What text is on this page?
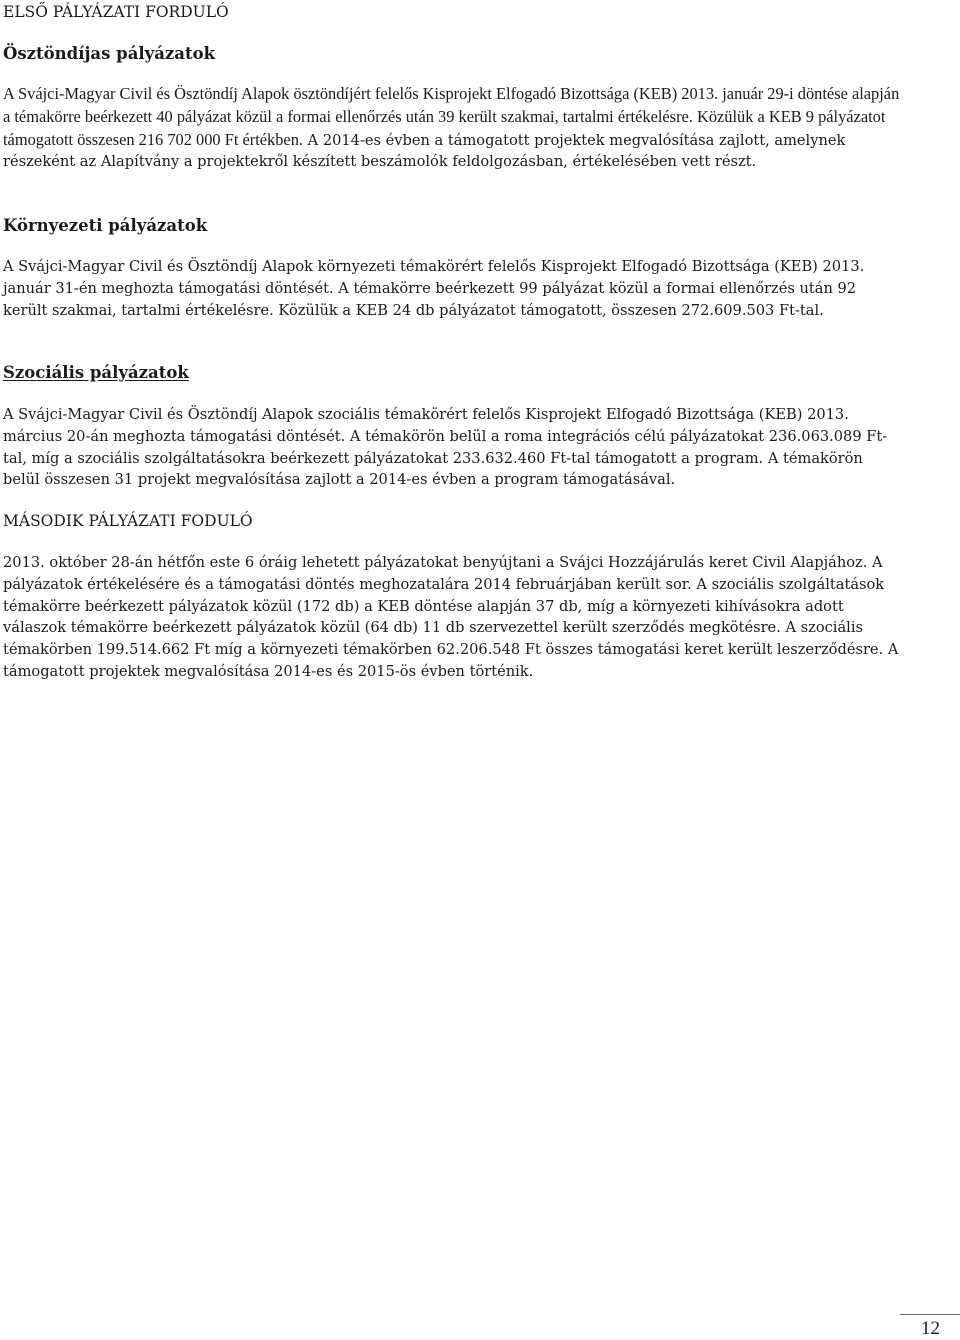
ELSŐ PÁLYÁZATI FORDULÓ
Ösztöndíjas pályázatok

A Svájci-Magyar Civil és Ösztöndíj Alapok ösztöndíjért felelős Kisprojekt Elfogadó Bizottsága (KEB) 2013. január 29-i döntése alapján a témakörre beérkezett 40 pályázat közül a formai ellenőrzés után 39 került szakmai, tartalmi értékelésre. Közülük a KEB 9 pályázatot támogatott összesen 216 702 000 Ft értékben. A 2014-es évben a támogatott projektek megvalósítása zajlott, amelynek részeként az Alapítvány a projektekről készített beszámolók feldolgozásban, értékelésében vett részt.

Környezeti pályázatok

A Svájci-Magyar Civil és Ösztöndíj Alapok környezeti témakörért felelős Kisprojekt Elfogadó Bizottsága (KEB) 2013. január 31-én meghozta támogatási döntését. A témakörre beérkezett 99 pályázat közül a formai ellenőrzés után 92 került szakmai, tartalmi értékelésre. Közülük a KEB 24 db pályázatot támogatott, összesen 272.609.503 Ft-tal.

Szociális pályázatok

A Svájci-Magyar Civil és Ösztöndíj Alapok szociális témakörért felelős Kisprojekt Elfogadó Bizottsága (KEB) 2013. március 20-án meghozta támogatási döntését. A témakörön belül a roma integrációs célú pályázatokat 236.063.089 Ft-tal, míg a szociális szolgáltatásokra beérkezett pályázatokat 233.632.460 Ft-tal támogatott a program. A témakörön belül összesen 31 projekt megvalósítása zajlott a 2014-es évben a program támogatásával.

MÁSODIK PÁLYÁZATI FODULÓ

2013. október 28-án hétfőn este 6 óráig lehetett pályázatokat benyújtani a Svájci Hozzájárulás keret Civil Alapjához. A pályázatok értékelésére és a támogatási döntés meghozatalára 2014 februárjában került sor. A szociális szolgáltatások témakörre beérkezett pályázatok közül (172 db) a KEB döntése alapján 37 db, míg a környezeti kihívásokra adott válaszok témakörre beérkezett pályázatok közül (64 db) 11 db szervezettel került szerződés megkötésre. A szociális témakörben 199.514.662 Ft míg a környezeti témakörben 62.206.548 Ft összes támogatási keret került leszerződésre. A támogatott projektek megvalósítása 2014-es és 2015-ös évben történik.

12
